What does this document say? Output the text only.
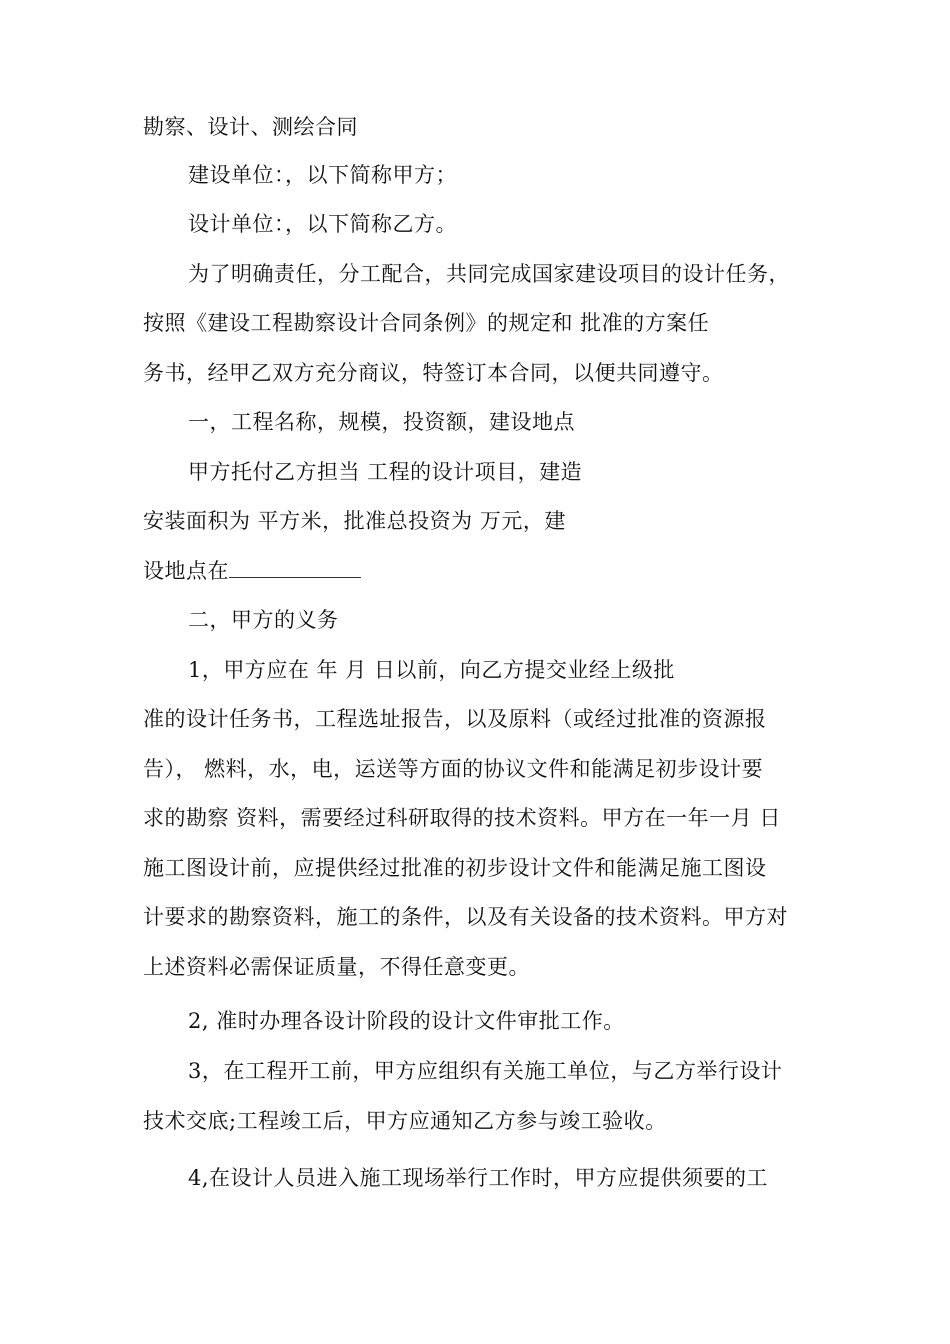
勘察、设计、测绘合同
建设单位：，以下简称甲方；
设计单位：，以下简称乙方。
为了明确责任，分工配合，共同完成国家建设项目的设计任务，
按照《建设工程勘察设计合同条例》的规定和 批准的方案任
务书，经甲乙双方充分商议，特签订本合同，以便共同遵守。
一，工程名称，规模，投资额，建设地点
甲方托付乙方担当 工程的设计项目，建造
安装面积为 平方米，批准总投资为 万元，建
设地点在
二，甲方的义务
1，甲方应在 年 月 日以前，向乙方提交业经上级批
准的设计任务书，工程选址报告，以及原料（或经过批准的资源报
告）， 燃料，水，电，运送等方面的协议文件和能满足初步设计要
求的勘察 资料，需要经过科研取得的技术资料。甲方在一年一月 日
施工图设计前，应提供经过批准的初步设计文件和能满足施工图设
计要求的勘察资料，施工的条件，以及有关设备的技术资料。甲方对
上述资料必需保证质量，不得任意变更。
2, 准时办理各设计阶段的设计文件审批工作。
3，在工程开工前，甲方应组织有关施工单位，与乙方举行设计
技术交底;工程竣工后，甲方应通知乙方参与竣工验收。
4,在设计人员进入施工现场举行工作时，甲方应提供须要的工
